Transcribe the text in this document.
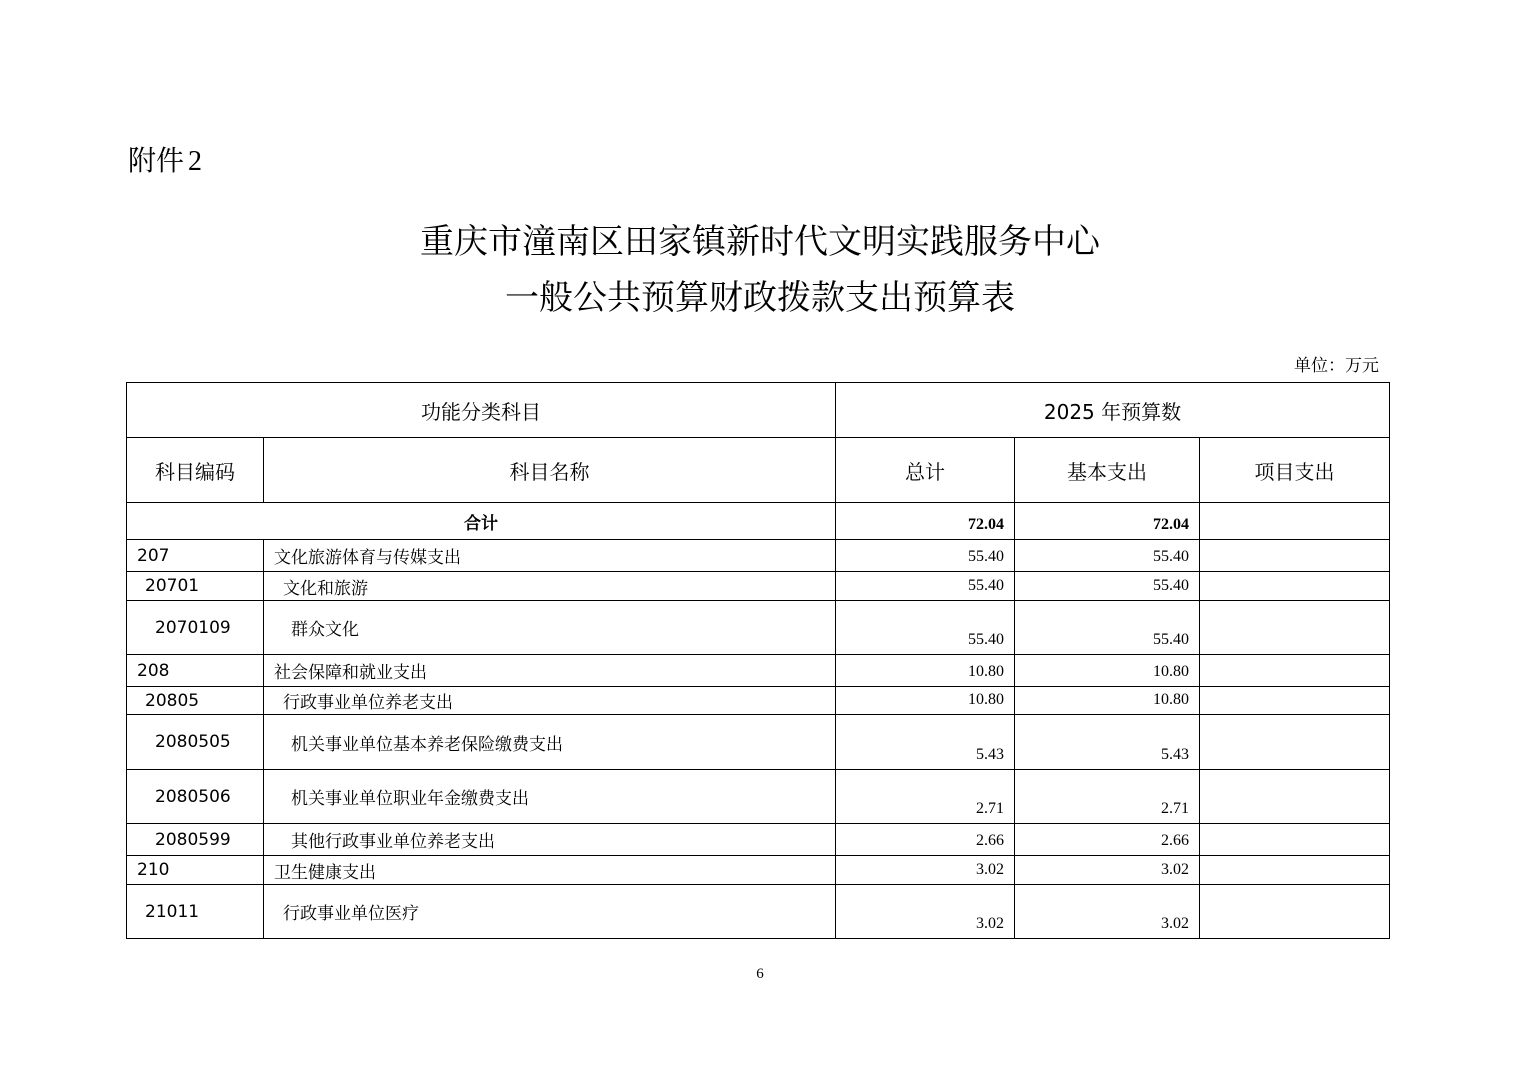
附件 2
重庆市潼南区田家镇新时代文明实践服务中心
一般公共预算财政拨款支出预算表
单位：万元
功能分类科目		2025 年预算数		
科目编码	科目名称	总计	基本支出	项目支出
合计		72.04	72.04	
207	文化旅游体育与传媒支出	55.40	55.40	
20701	文化和旅游	55.40	55.40	
2070109	群众文化	55.40	55.40	
208	社会保障和就业支出	10.80	10.80	
20805	行政事业单位养老支出	10.80	10.80	
2080505	机关事业单位基本养老保险缴费支出	5.43	5.43	
2080506	机关事业单位职业年金缴费支出	2.71	2.71	
2080599	其他行政事业单位养老支出	2.66	2.66	
210	卫生健康支出	3.02	3.02	
21011	行政事业单位医疗	3.02	3.02	
6
